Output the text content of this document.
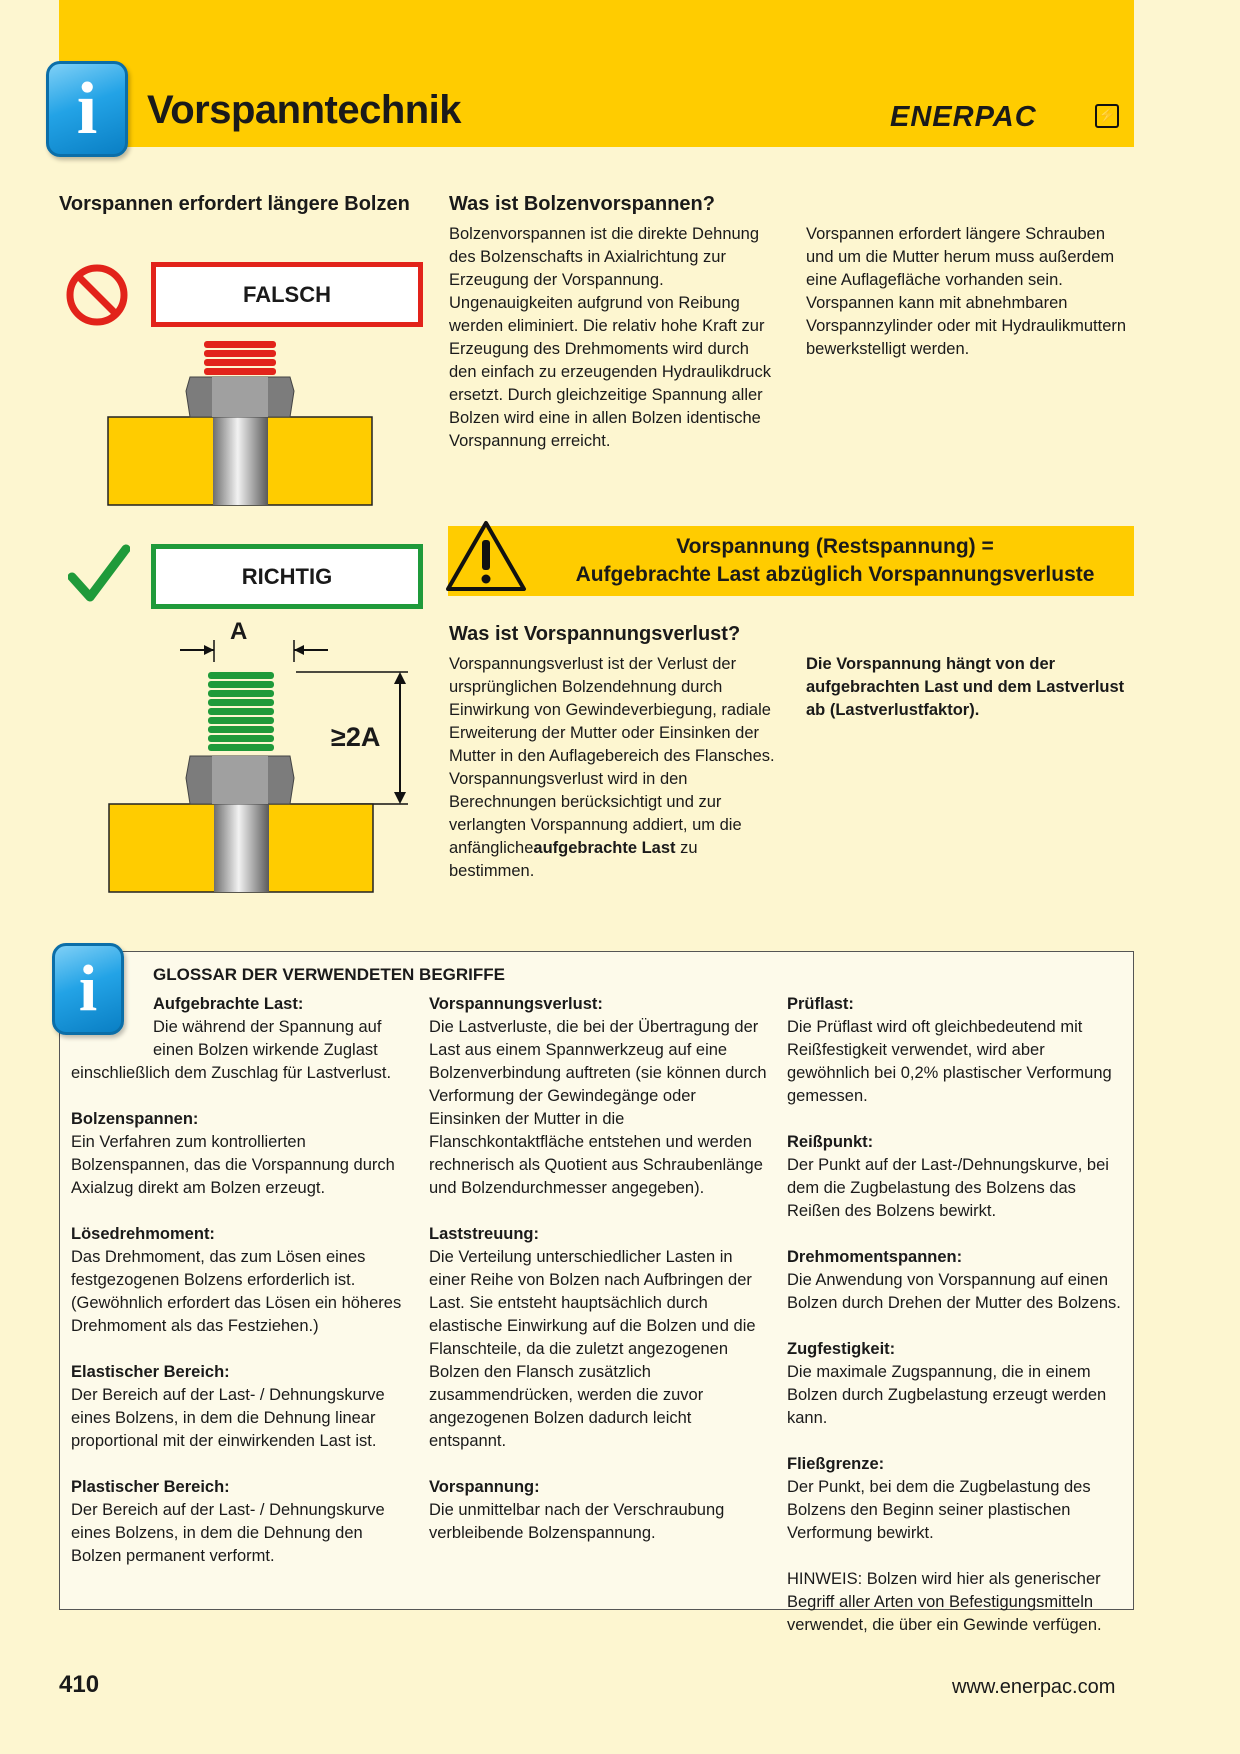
i	Vorspanntechnik	ENERPAC	⚡
Vorspannen erfordert längere Bolzen
FALSCH
RICHTIG
A
≥2A
Was ist Bolzenvorspannen?

Bolzenvorspannen ist die direkte Dehnung des Bolzenschafts in Axialrichtung zur Erzeugung der Vorspannung. Ungenauigkeiten aufgrund von Reibung werden eliminiert. Die relativ hohe Kraft zur Erzeugung des Drehmoments wird durch den einfach zu erzeugenden Hydraulikdruck ersetzt. Durch gleichzeitige Spannung aller Bolzen wird eine in allen Bolzen identische Vorspannung erreicht.

Vorspannen erfordert längere Schrauben und um die Mutter herum muss außerdem eine Auflagefläche vorhanden sein. Vorspannen kann mit abnehmbaren Vorspannzylinder oder mit Hydraulikmuttern bewerkstelligt werden.

Vorspannung (Restspannung) =
Aufgebrachte Last abzüglich Vorspannungsverluste
Was ist Vorspannungsverlust?

Vorspannungsverlust ist der Verlust der ursprünglichen Bolzendehnung durch Einwirkung von Gewindeverbiegung, radiale Erweiterung der Mutter oder Einsinken der Mutter in den Auflagebereich des Flansches. Vorspannungsverlust wird in den Berechnungen berücksichtigt und zur verlangten Vorspannung addiert, um die anfänglicheaufgebrachte Last zu bestimmen.

Die Vorspannung hängt von der aufgebrachten Last und dem Lastverlust ab (Lastverlustfaktor).

i	GLOSSAR DER VERWENDETEN BEGRIFFE
Aufgebrachte Last:
Die während der Spannung auf einen Bolzen wirkende Zuglast
einschließlich dem Zuschlag für Lastverlust.
Bolzenspannen:
Ein Verfahren zum kontrollierten Bolzenspannen, das die Vorspannung durch Axialzug direkt am Bolzen erzeugt.
Lösedrehmoment:
Das Drehmoment, das zum Lösen eines festgezogenen Bolzens erforderlich ist. (Gewöhnlich erfordert das Lösen ein höheres Drehmoment als das Festziehen.)
Elastischer Bereich:
Der Bereich auf der Last- / Dehnungskurve eines Bolzens, in dem die Dehnung linear proportional mit der einwirkenden Last ist.
Plastischer Bereich:
Der Bereich auf der Last- / Dehnungskurve eines Bolzens, in dem die Dehnung den Bolzen permanent verformt.
Vorspannungsverlust:
Die Lastverluste, die bei der Übertragung der Last aus einem Spannwerkzeug auf eine Bolzenverbindung auftreten (sie können durch Verformung der Gewindegänge oder Einsinken der Mutter in die Flanschkontaktfläche entstehen und werden rechnerisch als Quotient aus Schraubenlänge und Bolzendurchmesser angegeben).
Laststreuung:
Die Verteilung unterschiedlicher Lasten in einer Reihe von Bolzen nach Aufbringen der Last. Sie entsteht hauptsächlich durch elastische Einwirkung auf die Bolzen und die Flanschteile, da die zuletzt angezogenen Bolzen den Flansch zusätzlich zusammendrücken, werden die zuvor angezogenen Bolzen dadurch leicht entspannt.
Vorspannung:
Die unmittelbar nach der Verschraubung verbleibende Bolzenspannung.
Prüflast:
Die Prüflast wird oft gleichbedeutend mit Reißfestigkeit verwendet, wird aber gewöhnlich bei 0,2% plastischer Verformung gemessen.
Reißpunkt:
Der Punkt auf der Last-/Dehnungskurve, bei dem die Zugbelastung des Bolzens das Reißen des Bolzens bewirkt.
Drehmomentspannen:
Die Anwendung von Vorspannung auf einen Bolzen durch Drehen der Mutter des Bolzens.
Zugfestigkeit:
Die maximale Zugspannung, die in einem Bolzen durch Zugbelastung erzeugt werden kann.
Fließgrenze:
Der Punkt, bei dem die Zugbelastung des Bolzens den Beginn seiner plastischen Verformung bewirkt.
HINWEIS: Bolzen wird hier als generischer Begriff aller Arten von Befestigungsmitteln verwendet, die über ein Gewinde verfügen.
410	www.enerpac.com
